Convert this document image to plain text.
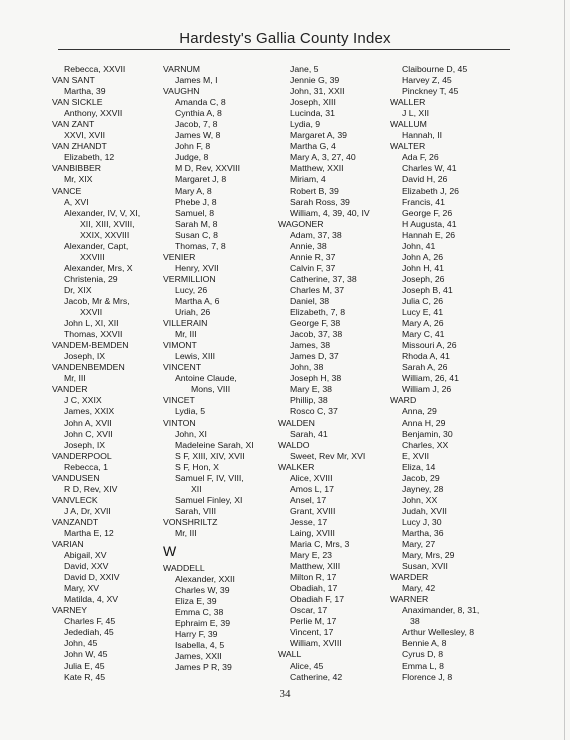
Hardesty's Gallia County Index
Rebecca, XXVII
VAN SANT
Martha, 39
VAN SICKLE
Anthony, XXVII
VAN ZANT
XXVI, XVII
VAN ZHANDT
Elizabeth, 12
VANBIBBER
Mr, XIX
VANCE
A, XVI
Alexander, IV, V, XI,
XII, XIII, XVIII,
XXIX, XXVIII
Alexander, Capt,
XXVIII
Alexander, Mrs, X
Christenia, 29
Dr, XIX
Jacob, Mr & Mrs,
XXVII
John L, XI, XII
Thomas, XXVII
VANDEM-BEMDEN
Joseph, IX
VANDENBEMDEN
Mr, III
VANDER
J C, XXIX
James, XXIX
John A, XVII
John C, XVII
Joseph, IX
VANDERPOOL
Rebecca, 1
VANDUSEN
R D, Rev, XIV
VANVLECK
J A, Dr, XVII
VANZANDT
Martha E, 12
VARIAN
Abigail, XV
David, XXV
David D, XXIV
Mary, XV
Matilda, 4, XV
VARNEY
Charles F, 45
Jedediah, 45
John, 45
John W, 45
Julia E, 45
Kate R, 45
VARNUM
James M, I
VAUGHN
Amanda C, 8
Cynthia A, 8
Jacob, 7, 8
James W, 8
John F, 8
Judge, 8
M D, Rev, XXVIII
Margaret J, 8
Mary A, 8
Phebe J, 8
Samuel, 8
Sarah M, 8
Susan C, 8
Thomas, 7, 8
VENIER
Henry, XVII
VERMILLION
Lucy, 26
Martha A, 6
Uriah, 26
VILLERAIN
Mr, III
VIMONT
Lewis, XIII
VINCENT
Antoine Claude,
Mons, VIII
VINCET
Lydia, 5
VINTON
John, XI
Madeleine Sarah, XI
S F, XIII, XIV, XVII
S F, Hon, X
Samuel F, IV, VIII,
XII
Samuel Finley, XI
Sarah, VIII
VONSHRILTZ
Mr, III
W
WADDELL
Alexander, XXII
Charles W, 39
Eliza E, 39
Emma C, 38
Ephraim E, 39
Harry F, 39
Isabella, 4, 5
James, XXII
James P R, 39
Jane, 5
Jennie G, 39
John, 31, XXII
Joseph, XIII
Lucinda, 31
Lydia, 9
Margaret A, 39
Martha G, 4
Mary A, 3, 27, 40
Matthew, XXII
Miriam, 4
Robert B, 39
Sarah Ross, 39
William, 4, 39, 40, IV
WAGONER
Adam, 37, 38
Annie, 38
Annie R, 37
Calvin F, 37
Catherine, 37, 38
Charles M, 37
Daniel, 38
Elizabeth, 7, 8
George F, 38
Jacob, 37, 38
James, 38
James D, 37
John, 38
Joseph H, 38
Mary E, 38
Phillip, 38
Rosco C, 37
WALDEN
Sarah, 41
WALDO
Sweet, Rev Mr, XVI
WALKER
Alice, XVIII
Amos L, 17
Ansel, 17
Grant, XVIII
Jesse, 17
Laing, XVIII
Maria C, Mrs, 3
Mary E, 23
Matthew, XIII
Milton R, 17
Obadiah, 17
Obadiah F, 17
Oscar, 17
Perlie M, 17
Vincent, 17
William, XVIII
WALL
Alice, 45
Catherine, 42
Claibourne D, 45
Harvey Z, 45
Pinckney T, 45
WALLER
J L, XII
WALLUM
Hannah, II
WALTER
Ada F, 26
Charles W, 41
David H, 26
Elizabeth J, 26
Francis, 41
George F, 26
H Augusta, 41
Hannah E, 26
John, 41
John A, 26
John H, 41
Joseph, 26
Joseph B, 41
Julia C, 26
Lucy E, 41
Mary A, 26
Mary C, 41
Missouri A, 26
Rhoda A, 41
Sarah A, 26
William, 26, 41
William J, 26
WARD
Anna, 29
Anna H, 29
Benjamin, 30
Charles, XX
E, XVII
Eliza, 14
Jacob, 29
Jayney, 28
John, XX
Judah, XVII
Lucy J, 30
Martha, 36
Mary, 27
Mary, Mrs, 29
Susan, XVII
WARDER
Mary, 42
WARNER
Anaximander, 8, 31,
38
Arthur Wellesley, 8
Bennie A, 8
Cyrus D, 8
Emma L, 8
Florence J, 8
34
